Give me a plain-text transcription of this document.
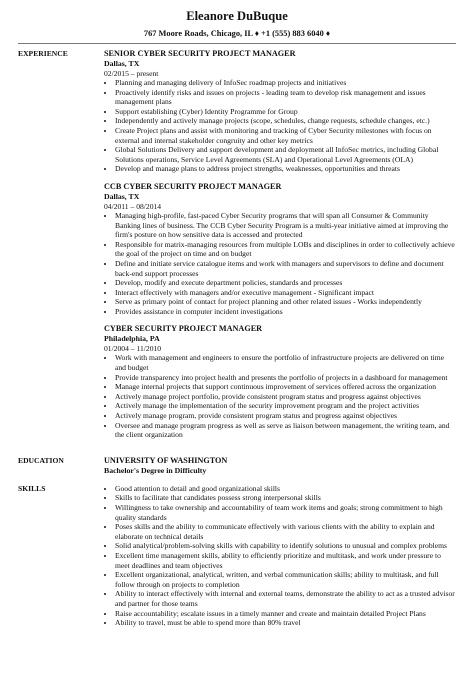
Eleanore DuBuque
767 Moore Roads, Chicago, IL ♦ +1 (555) 883 6040 ♦
EXPERIENCE	SENIOR CYBER SECURITY PROJECT MANAGER
Dallas, TX
02/2015 – present
• Planning and managing delivery of InfoSec roadmap projects and initiatives
• Proactively identify risks and issues on projects - leading team to develop risk management and issues management plans
• Support establishing (Cyber) Identity Programme for Group
• Independently and actively manage projects (scope, schedules, change requests, schedule changes, etc.)
• Create Project plans and assist with monitoring and tracking of Cyber Security milestones with focus on external and internal stakeholder congruity and other key metrics
• Global Solutions Delivery and support development and deployment all InfoSec metrics, including Global Solutions operations, Service Level Agreements (SLA) and Operational Level Agreements (OLA)
• Develop and manage plans to address project strengths, weaknesses, opportunities and threats
CCB CYBER SECURITY PROJECT MANAGER
Dallas, TX
04/2011 – 08/2014
• Managing high-profile, fast-paced Cyber Security programs that will span all Consumer & Community Banking lines of business. The CCB Cyber Security Program is a multi-year initiative aimed at improving the firm's posture on how sensitive data is accessed and protected
• Responsible for matrix-managing resources from multiple LOBs and disciplines in order to collectively achieve the goal of the project on time and on budget
• Define and initiate service catalogue items and work with managers and supervisors to define and document back-end support processes
• Develop, modify and execute department policies, standards and processes
• Interact effectively with managers and/or executive management - Significant impact
• Serve as primary point of contact for project planning and other related issues - Works independently
• Provides assistance in computer incident investigations
CYBER SECURITY PROJECT MANAGER
Philadelphia, PA
01/2004 – 11/2010
• Work with management and engineers to ensure the portfolio of infrastructure projects are delivered on time and budget
• Provide transparency into project health and presents the portfolio of projects in a dashboard for management
• Manage internal projects that support continuous improvement of services offered across the organization
• Actively manage project portfolio, provide consistent program status and progress against objectives
• Actively manage the implementation of the security improvement program and the project activities
• Actively manage program, provide consistent program status and progress against objectives
• Oversee and manage program progress as well as serve as liaison between management, the writing team, and the client organization
EDUCATION	UNIVERSITY OF WASHINGTON
Bachelor's Degree in Difficulty
SKILLS
•	Good attention to detail and good organizational skills
• Skills to facilitate that candidates possess strong interpersonal skills
• Willingness to take ownership and accountability of team work items and goals; strong commitment to high quality standards
• Poses skills and the ability to communicate effectively with various clients with the ability to explain and elaborate on technical details
• Solid analytical/problem-solving skills with capability to identify solutions to unusual and complex problems
• Excellent time management skills, ability to efficiently prioritize and multitask, and work under pressure to meet deadlines and team objectives
• Excellent organizational, analytical, written, and verbal communication skills; ability to multitask, and full follow through on projects to completion
• Ability to interact effectively with internal and external teams, demonstrate the ability to act as a trusted advisor and partner for those teams
• Raise accountability; escalate issues in a timely manner and create and maintain detailed Project Plans
• Ability to travel, must be able to spend more than 80% travel
